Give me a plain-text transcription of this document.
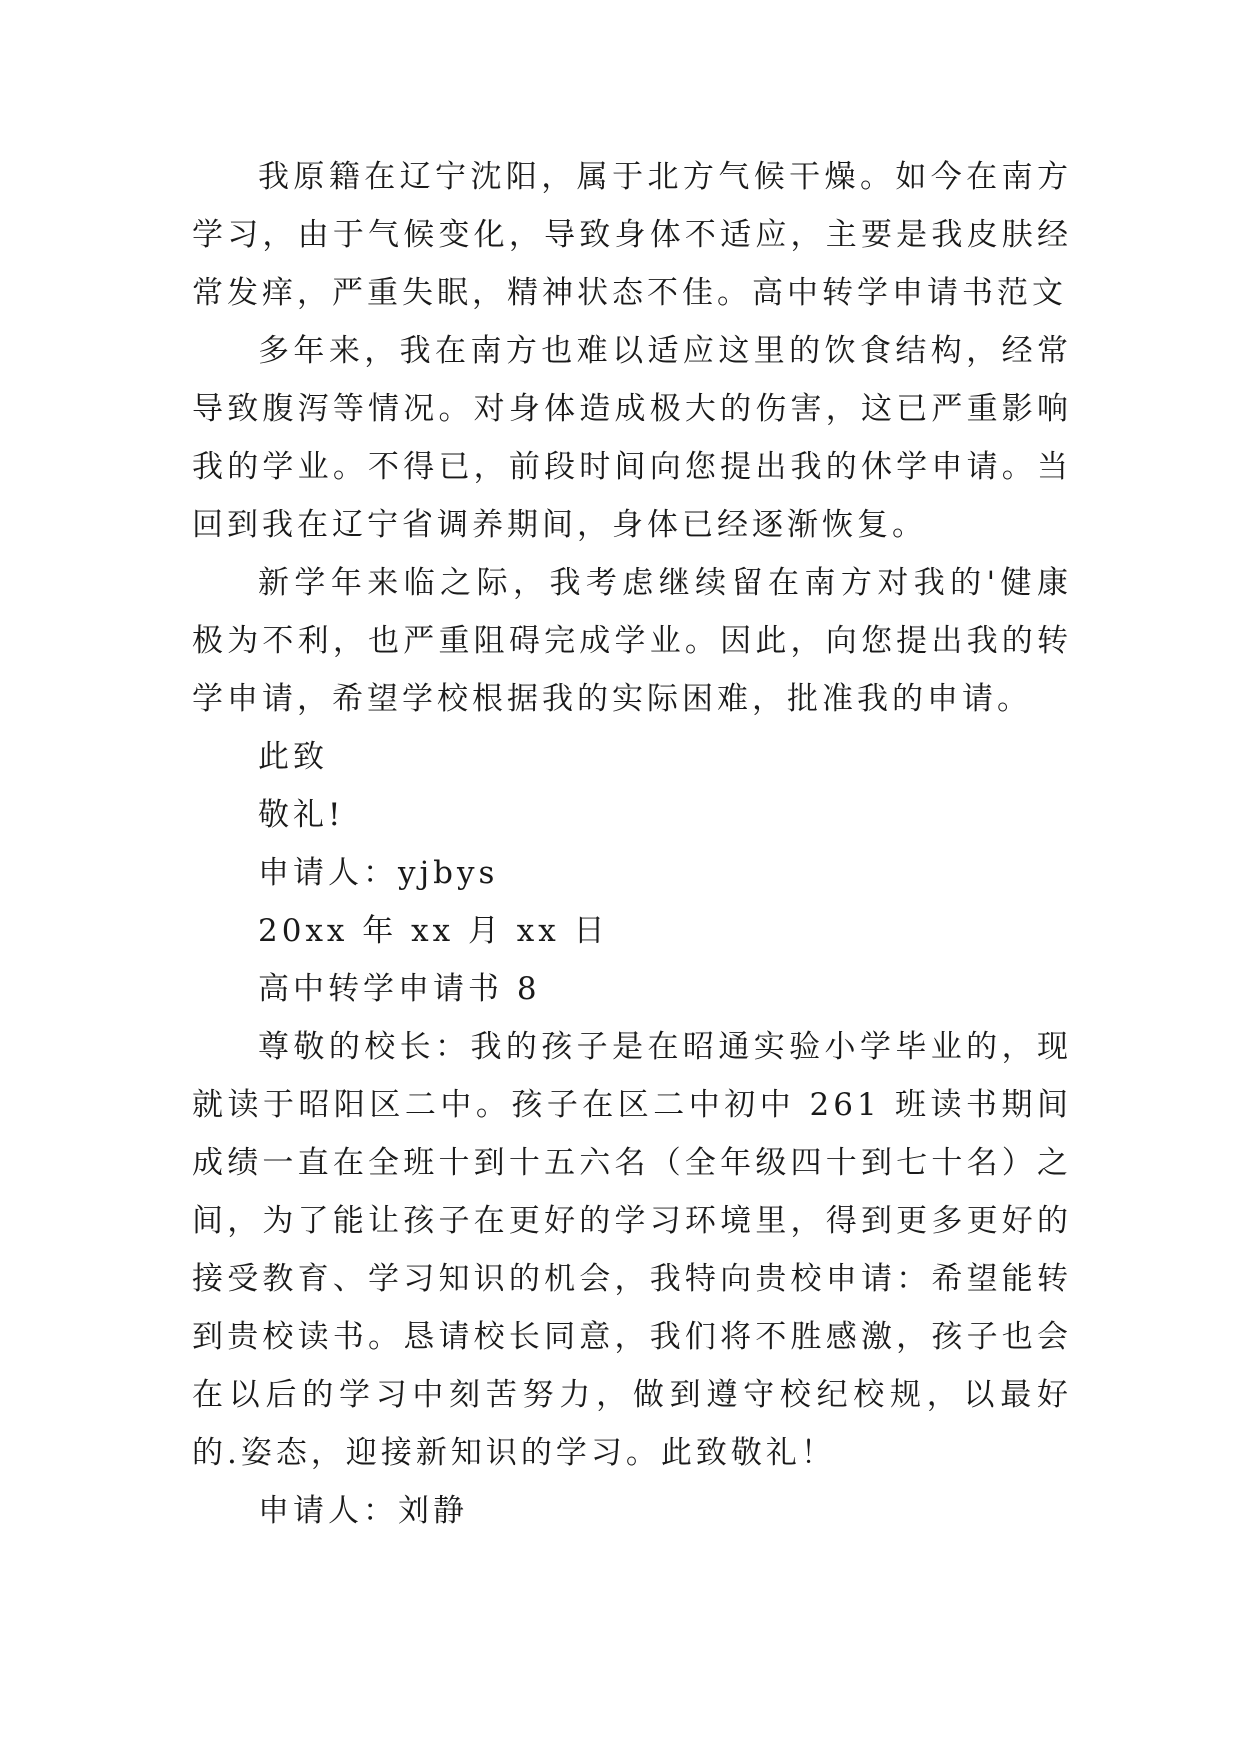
我原籍在辽宁沈阳，属于北方气候干燥。如今在南方学习，由于气候变化，导致身体不适应，主要是我皮肤经常发痒，严重失眠，精神状态不佳。高中转学申请书范文

多年来，我在南方也难以适应这里的饮食结构，经常导致腹泻等情况。对身体造成极大的伤害，这已严重影响我的学业。不得已，前段时间向您提出我的休学申请。当回到我在辽宁省调养期间，身体已经逐渐恢复。

新学年来临之际，我考虑继续留在南方对我的'健康极为不利，也严重阻碍完成学业。因此，向您提出我的转学申请，希望学校根据我的实际困难，批准我的申请。

此致

敬礼!

申请人：yjbys

20xx 年 xx 月 xx 日

高中转学申请书 8

尊敬的校长：我的孩子是在昭通实验小学毕业的，现就读于昭阳区二中。孩子在区二中初中 261 班读书期间成绩一直在全班十到十五六名（全年级四十到七十名）之间，为了能让孩子在更好的学习环境里，得到更多更好的接受教育、学习知识的机会，我特向贵校申请：希望能转到贵校读书。恳请校长同意，我们将不胜感激，孩子也会在以后的学习中刻苦努力，做到遵守校纪校规，以最好的.姿态，迎接新知识的学习。此致敬礼！

申请人：刘静
